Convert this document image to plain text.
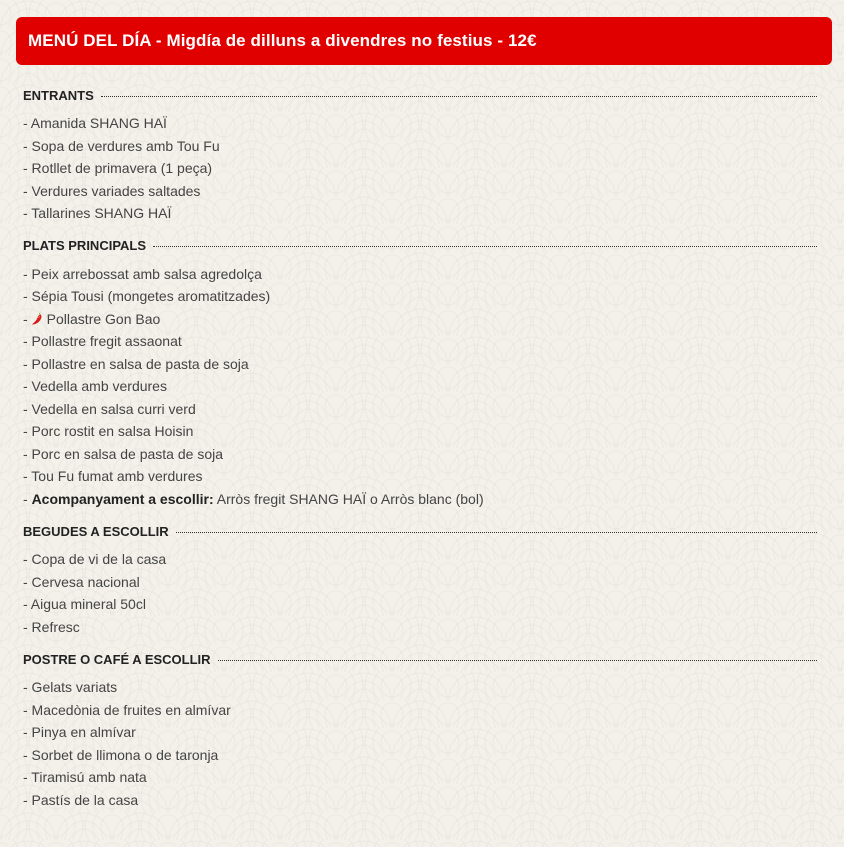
MENÚ DEL DÍA - Migdía de dilluns a divendres no festius - 12€
ENTRANTS
- Amanida SHANG HAÏ
- Sopa de verdures amb Tou Fu
- Rotllet de primavera (1 peça)
- Verdures variades saltades
- Tallarines SHANG HAÏ
PLATS PRINCIPALS
- Peix arrebossat amb salsa agredolça
- Sépia Tousi (mongetes aromatitzades)
- Pollastre Gon Bao
- Pollastre fregit assaonat
- Pollastre en salsa de pasta de soja
- Vedella amb verdures
- Vedella en salsa curri verd
- Porc rostit en salsa Hoisin
- Porc en salsa de pasta de soja
- Tou Fu fumat amb verdures
- Acompanyament a escollir: Arròs fregit SHANG HAÏ o Arròs blanc (bol)
BEGUDES A ESCOLLIR
- Copa de vi de la casa
- Cervesa nacional
- Aigua mineral 50cl
- Refresc
POSTRE O CAFÉ A ESCOLLIR
- Gelats variats
- Macedònia de fruites en almívar
- Pinya en almívar
- Sorbet de llimona o de taronja
- Tiramisú amb nata
- Pastís de la casa
